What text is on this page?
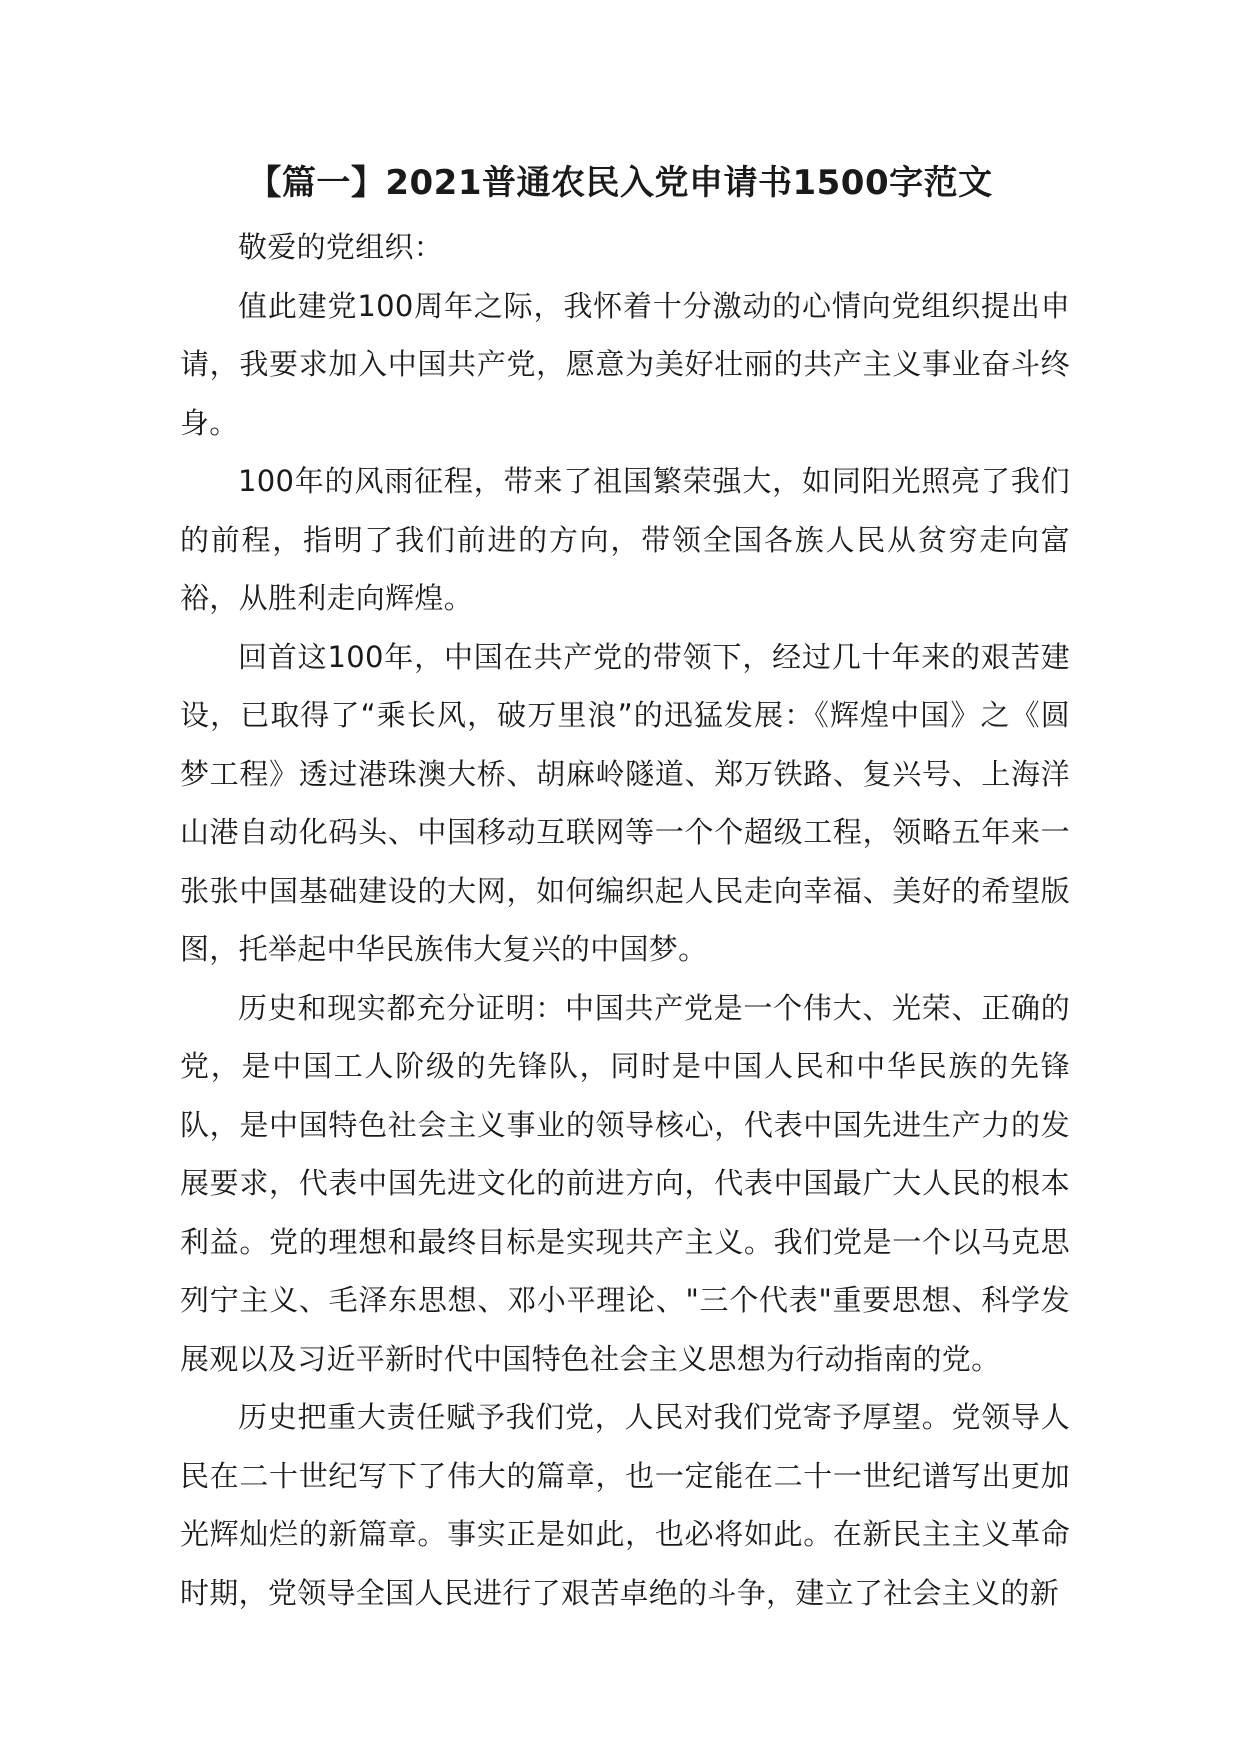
【篇一】2021普通农民入党申请书1500字范文

敬爱的党组织：

值此建党100周年之际，我怀着十分激动的心情向党组织提出申请，我要求加入中国共产党，愿意为美好壮丽的共产主义事业奋斗终身。

100年的风雨征程，带来了祖国繁荣强大，如同阳光照亮了我们的前程，指明了我们前进的方向，带领全国各族人民从贫穷走向富裕，从胜利走向辉煌。

回首这100年，中国在共产党的带领下，经过几十年来的艰苦建设，已取得了“乘长风，破万里浪”的迅猛发展：《辉煌中国》之《圆梦工程》透过港珠澳大桥、胡麻岭隧道、郑万铁路、复兴号、上海洋山港自动化码头、中国移动互联网等一个个超级工程，领略五年来一张张中国基础建设的大网，如何编织起人民走向幸福、美好的希望版图，托举起中华民族伟大复兴的中国梦。

历史和现实都充分证明：中国共产党是一个伟大、光荣、正确的党，是中国工人阶级的先锋队，同时是中国人民和中华民族的先锋队，是中国特色社会主义事业的领导核心，代表中国先进生产力的发展要求，代表中国先进文化的前进方向，代表中国最广大人民的根本利益。党的理想和最终目标是实现共产主义。我们党是一个以马克思列宁主义、毛泽东思想、邓小平理论、"三个代表"重要思想、科学发展观以及习近平新时代中国特色社会主义思想为行动指南的党。

历史把重大责任赋予我们党，人民对我们党寄予厚望。党领导人民在二十世纪写下了伟大的篇章，也一定能在二十一世纪谱写出更加光辉灿烂的新篇章。事实正是如此，也必将如此。在新民主主义革命时期，党领导全国人民进行了艰苦卓绝的斗争，建立了社会主义的新
